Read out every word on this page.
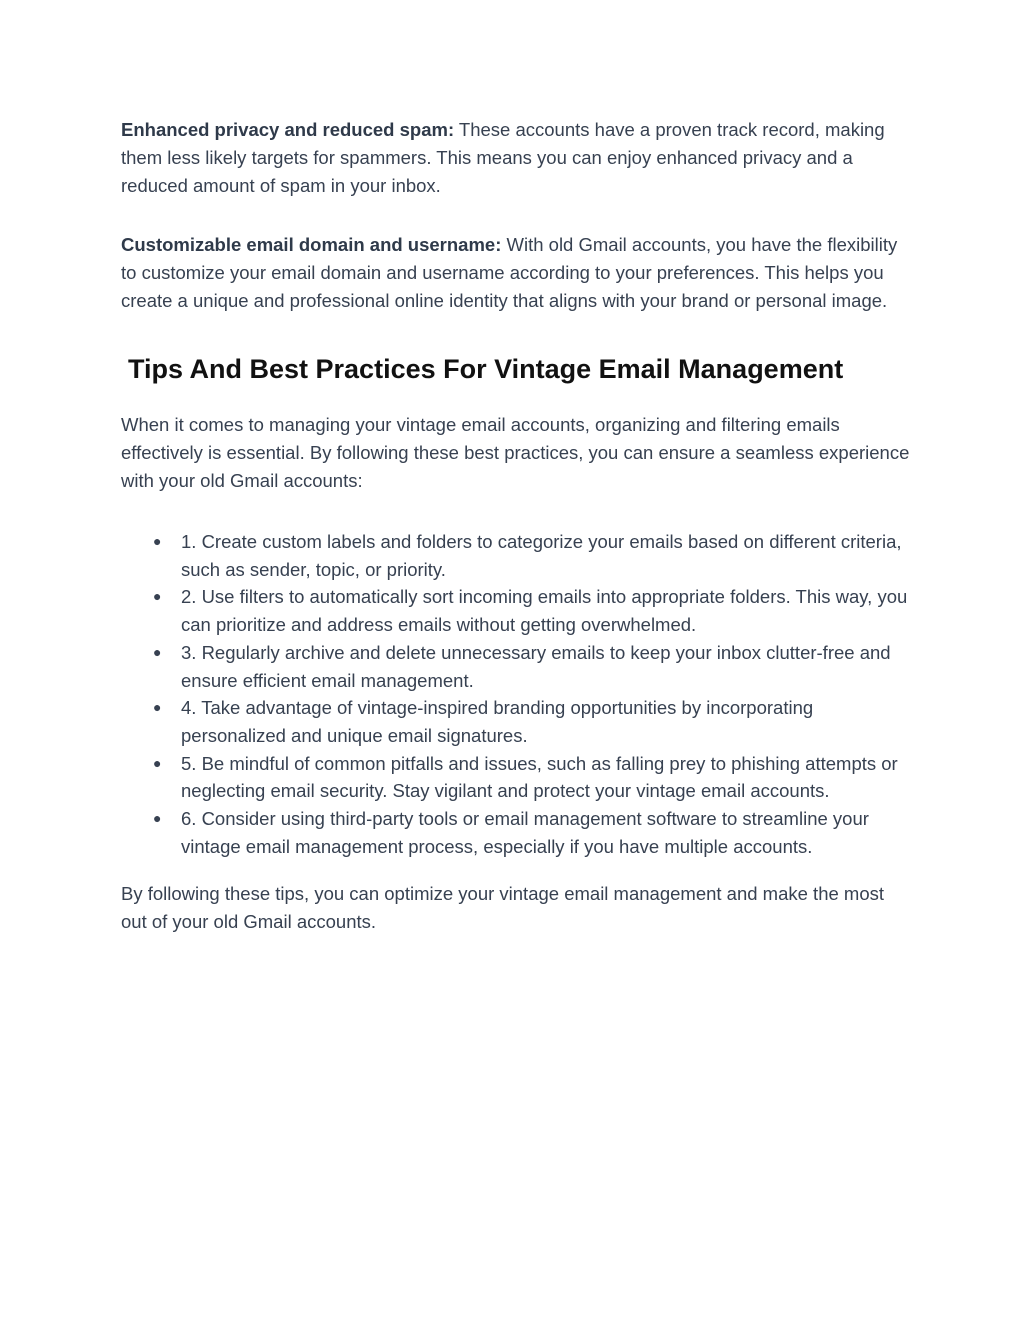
Enhanced privacy and reduced spam: These accounts have a proven track record, making them less likely targets for spammers. This means you can enjoy enhanced privacy and a reduced amount of spam in your inbox.

Customizable email domain and username: With old Gmail accounts, you have the flexibility to customize your email domain and username according to your preferences. This helps you create a unique and professional online identity that aligns with your brand or personal image.

Tips And Best Practices For Vintage Email Management

When it comes to managing your vintage email accounts, organizing and filtering emails effectively is essential. By following these best practices, you can ensure a seamless experience with your old Gmail accounts:

● 1. Create custom labels and folders to categorize your emails based on different criteria, such as sender, topic, or priority.
● 2. Use filters to automatically sort incoming emails into appropriate folders. This way, you can prioritize and address emails without getting overwhelmed.
● 3. Regularly archive and delete unnecessary emails to keep your inbox clutter-free and ensure efficient email management.
● 4. Take advantage of vintage-inspired branding opportunities by incorporating personalized and unique email signatures.
● 5. Be mindful of common pitfalls and issues, such as falling prey to phishing attempts or neglecting email security. Stay vigilant and protect your vintage email accounts.
● 6. Consider using third-party tools or email management software to streamline your vintage email management process, especially if you have multiple accounts.

By following these tips, you can optimize your vintage email management and make the most out of your old Gmail accounts.
